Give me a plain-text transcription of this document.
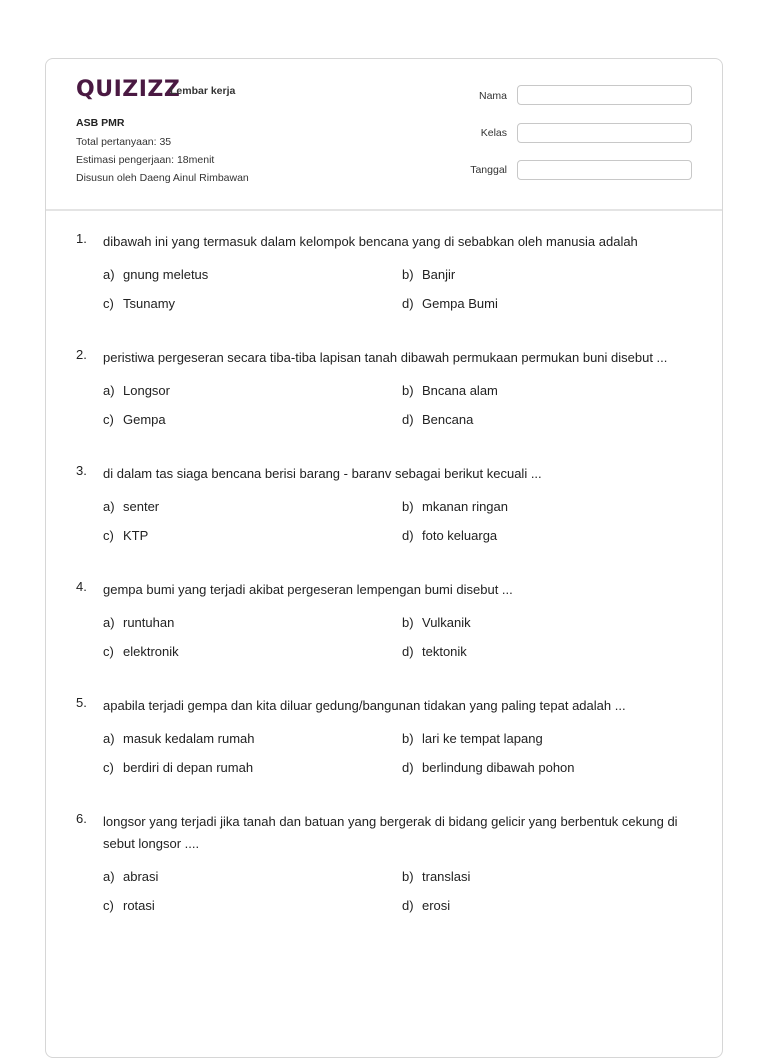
QUIZIZZ
Lembar kerja
ASB PMR
Total pertanyaan: 35
Estimasi pengerjaan: 18menit
Disusun oleh Daeng Ainul Rimbawan
Nama
Kelas
Tanggal
1. dibawah ini yang termasuk dalam kelompok bencana yang di sebabkan oleh manusia adalah
a) gnung meletus	b) Banjir
c) Tsunamy	d) Gempa Bumi
2. peristiwa pergeseran secara tiba-tiba lapisan tanah dibawah permukaan permukan buni disebut ...
a) Longsor	b) Bncana alam
c) Gempa	d) Bencana
3. di dalam tas siaga bencana berisi barang - baranv sebagai berikut kecuali ...
a) senter	b) mkanan ringan
c) KTP	d) foto keluarga
4. gempa bumi yang terjadi akibat pergeseran lempengan bumi disebut ...
a) runtuhan	b) Vulkanik
c) elektronik	d) tektonik
5. apabila terjadi gempa dan kita diluar gedung/bangunan tidakan yang paling tepat adalah ...
a) masuk kedalam rumah	b) lari ke tempat lapang
c) berdiri di depan rumah	d) berlindung dibawah pohon
6. longsor yang terjadi jika tanah dan batuan yang bergerak di bidang gelicir yang berbentuk cekung di sebut longsor ....
a) abrasi	b) translasi
c) rotasi	d) erosi
